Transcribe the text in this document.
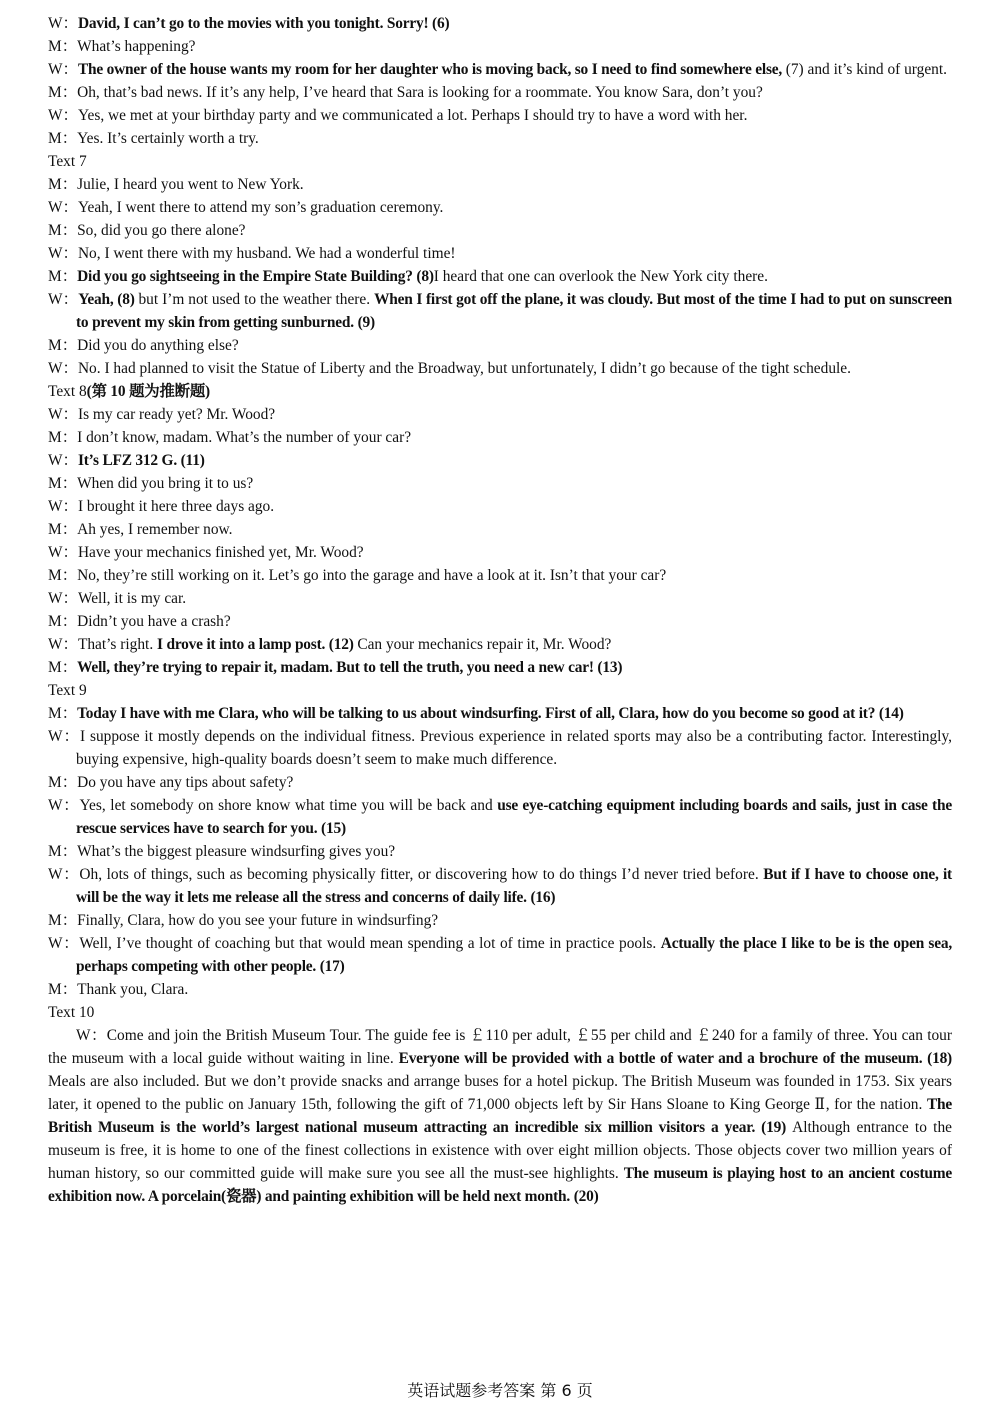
W ： David, I can’t go to the movies with you tonight. Sorry! (6)

M ： What’s happening?

W ： The owner of the house wants my room for her daughter who is moving back, so I need to find somewhere else, (7) and it’s kind of urgent.

M ： Oh, that’s bad news. If it’s any help, I’ve heard that Sara is looking for a roommate. You know Sara, don’t you?

W ： Yes, we met at your birthday party and we communicated a lot. Perhaps I should try to have a word with her.

M ： Yes. It’s certainly worth a try.

Text 7

M ： Julie, I heard you went to New York.

W ： Yeah, I went there to attend my son’s graduation ceremony.

M ： So, did you go there alone?

W ： No, I went there with my husband. We had a wonderful time!

M ： Did you go sightseeing in the Empire State Building? (8)I heard that one can overlook the New York city there.

W ： Yeah, (8) but I’m not used to the weather there. When I first got off the plane, it was cloudy. But most of the time I had to put on sunscreen to prevent my skin from getting sunburned. (9)

M ： Did you do anything else?

W ： No. I had planned to visit the Statue of Liberty and the Broadway, but unfortunately, I didn’t go because of the tight schedule.

Text 8(第 10 题为推断题)

W ： Is my car ready yet? Mr. Wood?

M ： I don’t know, madam. What’s the number of your car?

W ： It’s LFZ 312 G. (11)

M ： When did you bring it to us?

W ： I brought it here three days ago.

M ： Ah yes, I remember now.

W ： Have your mechanics finished yet, Mr. Wood?

M ： No, they’re still working on it. Let’s go into the garage and have a look at it. Isn’t that your car?

W ： Well, it is my car.

M ： Didn’t you have a crash?

W ： That’s right. I drove it into a lamp post. (12) Can your mechanics repair it, Mr. Wood?

M ： Well, they’re trying to repair it, madam. But to tell the truth, you need a new car! (13)

Text 9

M ： Today I have with me Clara, who will be talking to us about windsurfing. First of all, Clara, how do you become so good at it? (14)

W ： I suppose it mostly depends on the individual fitness. Previous experience in related sports may also be a contributing factor. Interestingly, buying expensive, high-quality boards doesn’t seem to make much difference.

M ： Do you have any tips about safety?

W ： Yes, let somebody on shore know what time you will be back and use eye-catching equipment including boards and sails, just in case the rescue services have to search for you. (15)

M ： What’s the biggest pleasure windsurfing gives you?

W ： Oh, lots of things, such as becoming physically fitter, or discovering how to do things I’d never tried before. But if I have to choose one, it will be the way it lets me release all the stress and concerns of daily life. (16)

M ： Finally, Clara, how do you see your future in windsurfing?

W ： Well, I’ve thought of coaching but that would mean spending a lot of time in practice pools. Actually the place I like to be is the open sea, perhaps competing with other people. (17)

M ： Thank you, Clara.

Text 10

W：Come and join the British Museum Tour. The guide fee is ￡110 per adult, ￡55 per child and ￡240 for a family of three. You can tour the museum with a local guide without waiting in line. Everyone will be provided with a bottle of water and a brochure of the museum. (18) Meals are also included. But we don’t provide snacks and arrange buses for a hotel pickup. The British Museum was founded in 1753. Six years later, it opened to the public on January 15th, following the gift of 71,000 objects left by Sir Hans Sloane to King George Ⅱ, for the nation. The British Museum is the world’s largest national museum attracting an incredible six million visitors a year. (19) Although entrance to the museum is free, it is home to one of the finest collections in existence with over eight million objects. Those objects cover two million years of human history, so our committed guide will make sure you see all the must-see highlights. The museum is playing host to an ancient costume exhibition now. A porcelain(瓷器) and painting exhibition will be held next month. (20)

英语试题参考答案 第 6 页
